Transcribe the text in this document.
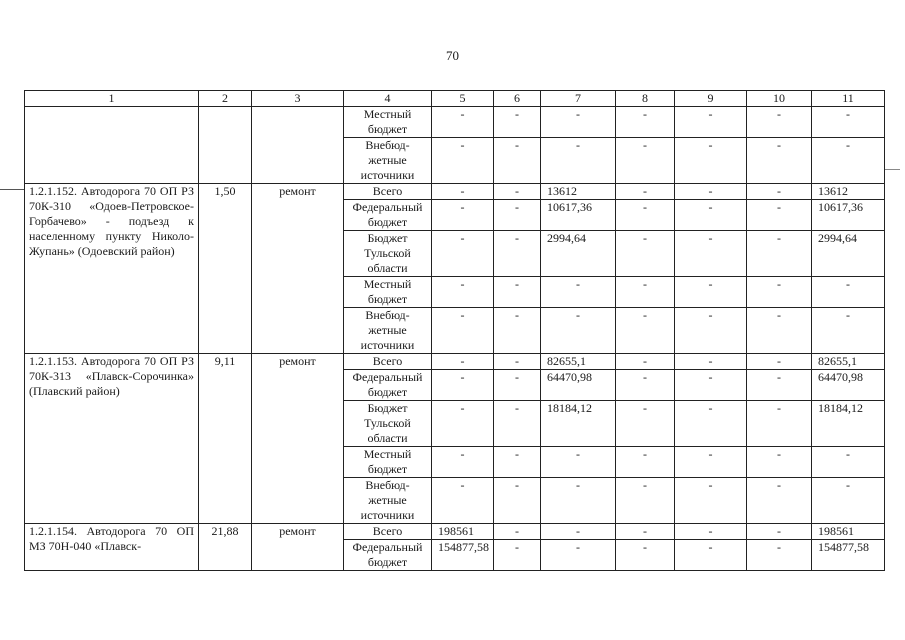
70
1	2	3	4	5	6	7	8	9	10	11
			Местный бюджет	-	-	-	-	-	-	-
			Внебюд-жетные источники	-	-	-	-	-	-	-
1.2.1.152. Автодорога 70 ОП РЗ 70К-310 «Одоев-Петровское-Горбачево» - подъезд к населенному пункту Николо-Жупань» (Одоевский район)	1,50	ремонт	Всего	-	-	13612	-	-	-	13612
			Федеральный бюджет	-	-	10617,36	-	-	-	10617,36
			Бюджет Тульской области	-	-	2994,64	-	-	-	2994,64
			Местный бюджет	-	-	-	-	-	-	-
			Внебюд-жетные источники	-	-	-	-	-	-	-
1.2.1.153. Автодорога 70 ОП РЗ 70К-313 «Плавск-Сорочинка» (Плавский район)	9,11	ремонт	Всего	-	-	82655,1	-	-	-	82655,1
			Федеральный бюджет	-	-	64470,98	-	-	-	64470,98
			Бюджет Тульской области	-	-	18184,12	-	-	-	18184,12
			Местный бюджет	-	-	-	-	-	-	-
			Внебюд-жетные источники	-	-	-	-	-	-	-
1.2.1.154. Автодорога 70 ОП МЗ 70Н-040 «Плавск-	21,88	ремонт	Всего	198561	-	-	-	-	-	198561
			Федеральный бюджет	154877,58	-	-	-	-	-	154877,58
